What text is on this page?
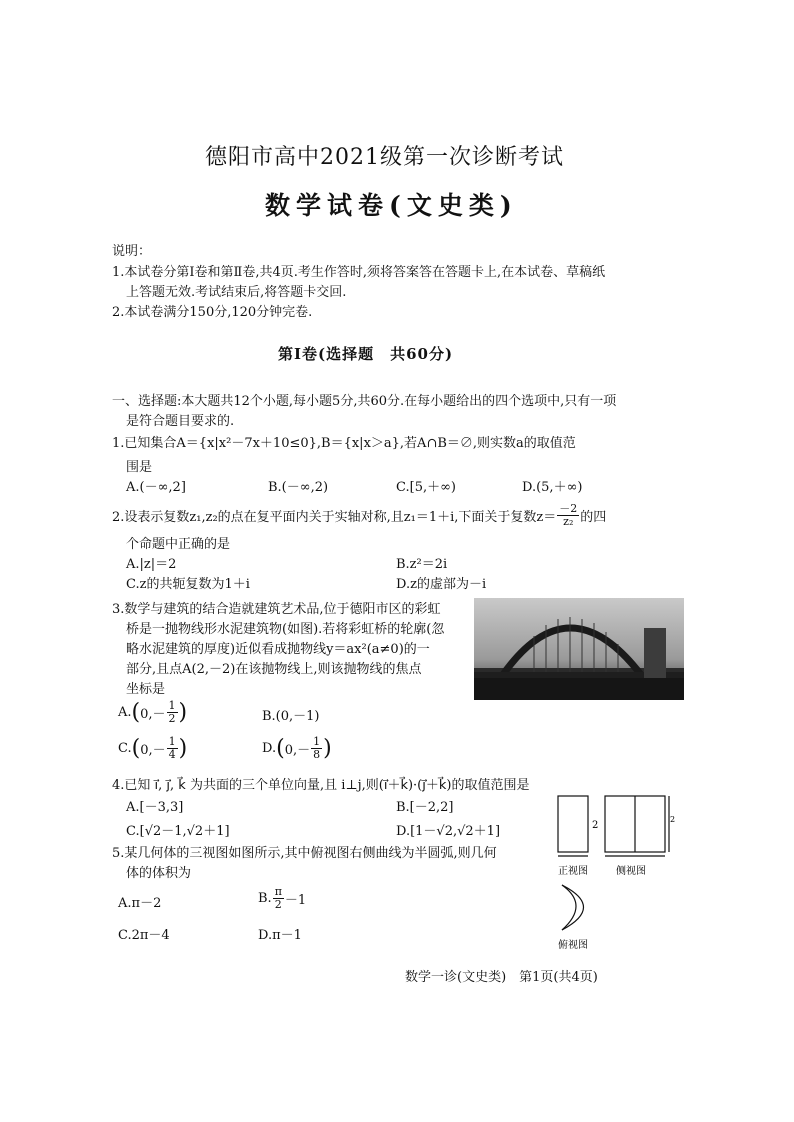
德阳市高中2021级第一次诊断考试
数学试卷(文史类)
说明：
1.本试卷分第Ⅰ卷和第Ⅱ卷,共4页.考生作答时,须将答案答在答题卡上,在本试卷、草稿纸
上答题无效.考试结束后,将答题卡交回.
2.本试卷满分150分,120分钟完卷.
第Ⅰ卷(选择题　共60分)
一、选择题:本大题共12个小题,每小题5分,共60分.在每小题给出的四个选项中,只有一项
是符合题目要求的.
1.已知集合A＝{x|x²－7x＋10≤0},B＝{x|x＞a},若A∩B＝∅,则实数a的取值范
围是
A.(－∞,2]	B.(－∞,2)	C.[5,＋∞)	D.(5,＋∞)
2.设表示复数z₁,z₂的点在复平面内关于实轴对称,且z₁＝1＋i,下面关于复数$z= \frac{-2}{\text{z₂}}$ 的四
个命题中正确的是
A.|z|＝2	B.z²＝2i
C.z的共轭复数为1＋i	D.z的虚部为－i
3.数学与建筑的结合造就建筑艺术品,位于德阳市区的彩虹
桥是一抛物线形水泥建筑物(如图).若将彩虹桥的轮廓(忽
略水泥建筑的厚度)近似看成抛物线y＝ax²(a≠0)的一
部分,且点A(2,－2)在该抛物线上,则该抛物线的焦点
坐标是
A. ( $0,- \frac{1}{2}$ )	B.(0,－1)
C. ( $0,- \frac{1}{4}$ )	D. ( $0,- \frac{1}{8}$ )
4.已知 i⃗, j⃗, k⃗ 为共面的三个单位向量,且 i⊥j,则(i⃗＋k⃗)·(j⃗＋k⃗)的取值范围是
A.[－3,3]	B.[－2,2]
C.[√2－1,√2＋1]	D.[1－√2,√2＋1]
5.某几何体的三视图如图所示,其中俯视图右侧曲线为半圆弧,则几何
体的体积为
A.π－2	B. $\frac{\pi}{2} -1$
C.2π－4	D.π－1
2
2
正视图	侧视图
俯视图
数学一诊(文史类)　第1页(共4页)
